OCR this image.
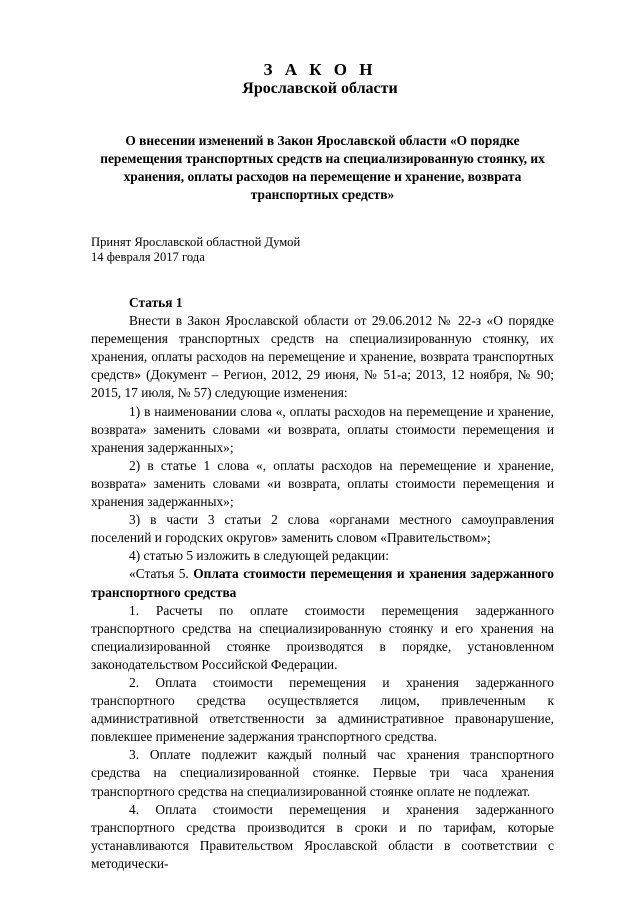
З А К О Н
Ярославской области
О внесении изменений в Закон Ярославской области «О порядке перемещения транспортных средств на специализированную стоянку, их хранения, оплаты расходов на перемещение и хранение, возврата транспортных средств»
Принят Ярославской областной Думой
14 февраля 2017 года

Статья 1

Внести в Закон Ярославской области от 29.06.2012 № 22-з «О порядке перемещения транспортных средств на специализированную стоянку, их хранения, оплаты расходов на перемещение и хранение, возврата транспортных средств» (Документ – Регион, 2012, 29 июня, № 51-а; 2013, 12 ноября, № 90; 2015, 17 июля, № 57) следующие изменения:

1) в наименовании слова «, оплаты расходов на перемещение и хранение, возврата» заменить словами «и возврата, оплаты стоимости перемещения и хранения задержанных»;

2) в статье 1 слова «, оплаты расходов на перемещение и хранение, возврата» заменить словами «и возврата, оплаты стоимости перемещения и хранения задержанных»;

3) в части 3 статьи 2 слова «органами местного самоуправления поселений и городских округов» заменить словом «Правительством»;

4) статью 5 изложить в следующей редакции:

«Статья 5. Оплата стоимости перемещения и хранения задержанного транспортного средства

1. Расчеты по оплате стоимости перемещения задержанного транспортного средства на специализированную стоянку и его хранения на специализированной стоянке производятся в порядке, установленном законодательством Российской Федерации.

2. Оплата стоимости перемещения и хранения задержанного транспортного средства осуществляется лицом, привлеченным к административной ответственности за административное правонарушение, повлекшее применение задержания транспортного средства.

3. Оплате подлежит каждый полный час хранения транспортного средства на специализированной стоянке. Первые три часа хранения транспортного средства на специализированной стоянке оплате не подлежат.

4. Оплата стоимости перемещения и хранения задержанного транспортного средства производится в сроки и по тарифам, которые устанавливаются Правительством Ярославской области в соответствии с методически-
